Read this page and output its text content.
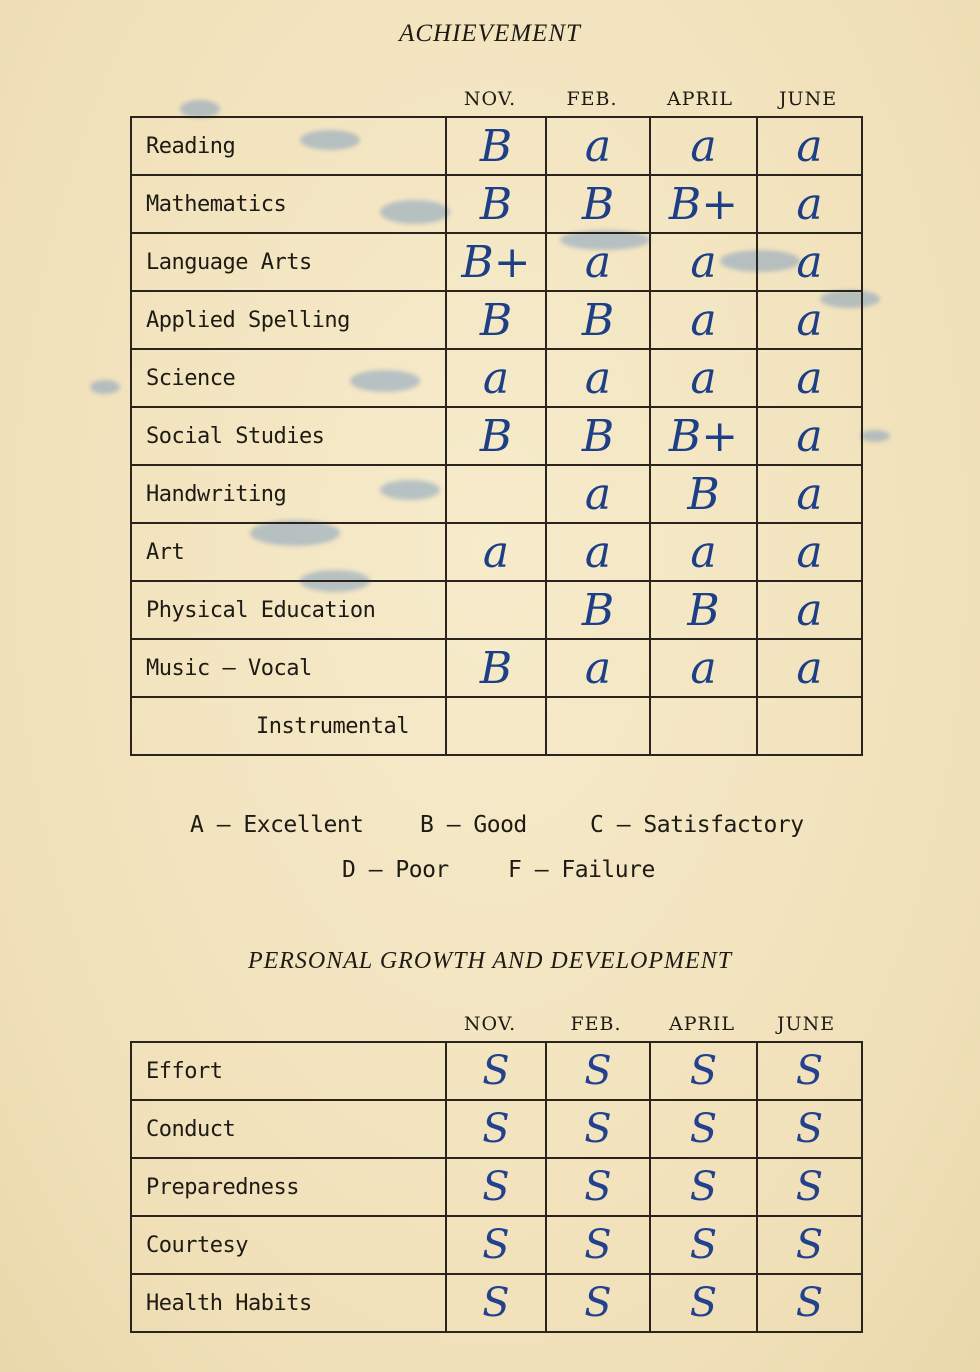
ACHIEVEMENT
NOV.	FEB.	APRIL	JUNE
Reading	B	a	a	a
Mathematics	B	B	B+	a
Language Arts	B+	a	a	a
Applied Spelling	B	B	a	a
Science	a	a	a	a
Social Studies	B	B	B+	a
Handwriting		a	B	a
Art	a	a	a	a
Physical Education		B	B	a
Music — Vocal	B	a	a	a
Instrumental				
A — Excellent B — Good	C — Satisfactory
D — Poor	F — Failure
PERSONAL GROWTH AND DEVELOPMENT
NOV.	FEB.	APRIL	JUNE
Effort	S	S	S	S
Conduct	S	S	S	S
Preparedness	S	S	S	S
Courtesy	S	S	S	S
Health Habits	S	S	S	S
